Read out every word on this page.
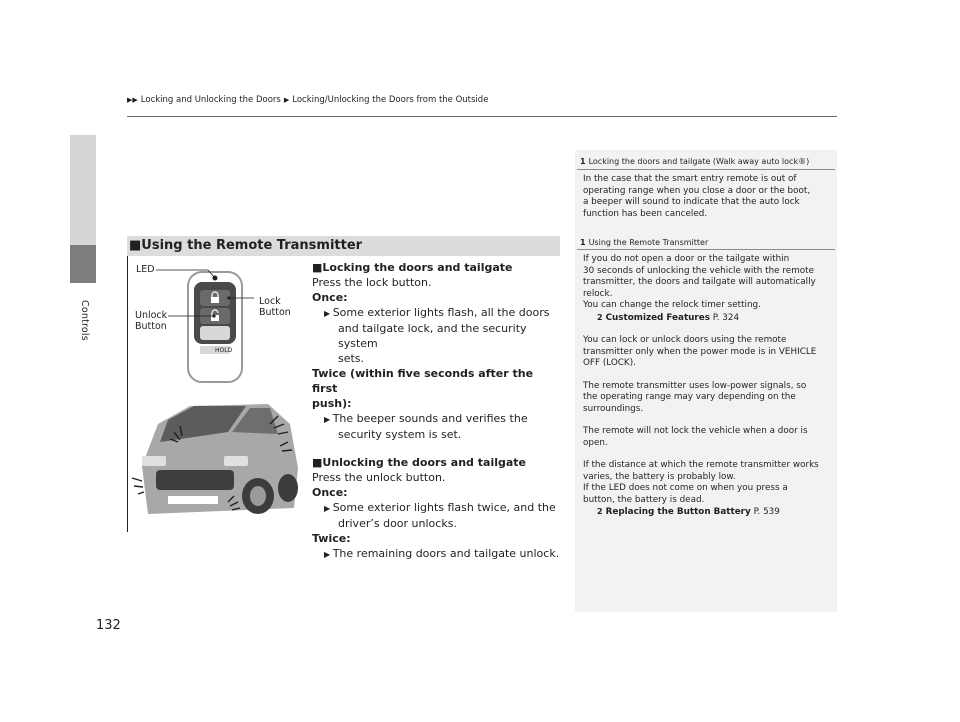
Controls
▶▶ Locking and Unlocking the Doors ▶ Locking/Unlocking the Doors from the Outside
■Using the Remote Transmitter
LED
Unlock Button
Lock Button
HOLD
■Locking the doors and tailgate
Press the lock button.
Once:
▶ Some exterior lights flash, all the doors
and tailgate lock, and the security system
sets.
Twice (within five seconds after the first
push):
▶ The beeper sounds and verifies the
security system is set.
■Unlocking the doors and tailgate
Press the unlock button.
Once:
▶ Some exterior lights flash twice, and the
driver’s door unlocks.
Twice:
▶ The remaining doors and tailgate unlock.
1 Locking the doors and tailgate (Walk away auto lock®)
In the case that the smart entry remote is out of
operating range when you close a door or the boot,
a beeper will sound to indicate that the auto lock
function has been canceled.
1 Using the Remote Transmitter
If you do not open a door or the tailgate within
30 seconds of unlocking the vehicle with the remote
transmitter, the doors and tailgate will automatically
relock.
You can change the relock timer setting.
2 Customized Features P. 324
You can lock or unlock doors using the remote
transmitter only when the power mode is in VEHICLE
OFF (LOCK).
The remote transmitter uses low-power signals, so
the operating range may vary depending on the
surroundings.
The remote will not lock the vehicle when a door is
open.
If the distance at which the remote transmitter works
varies, the battery is probably low.
If the LED does not come on when you press a
button, the battery is dead.
2 Replacing the Button Battery P. 539
132
